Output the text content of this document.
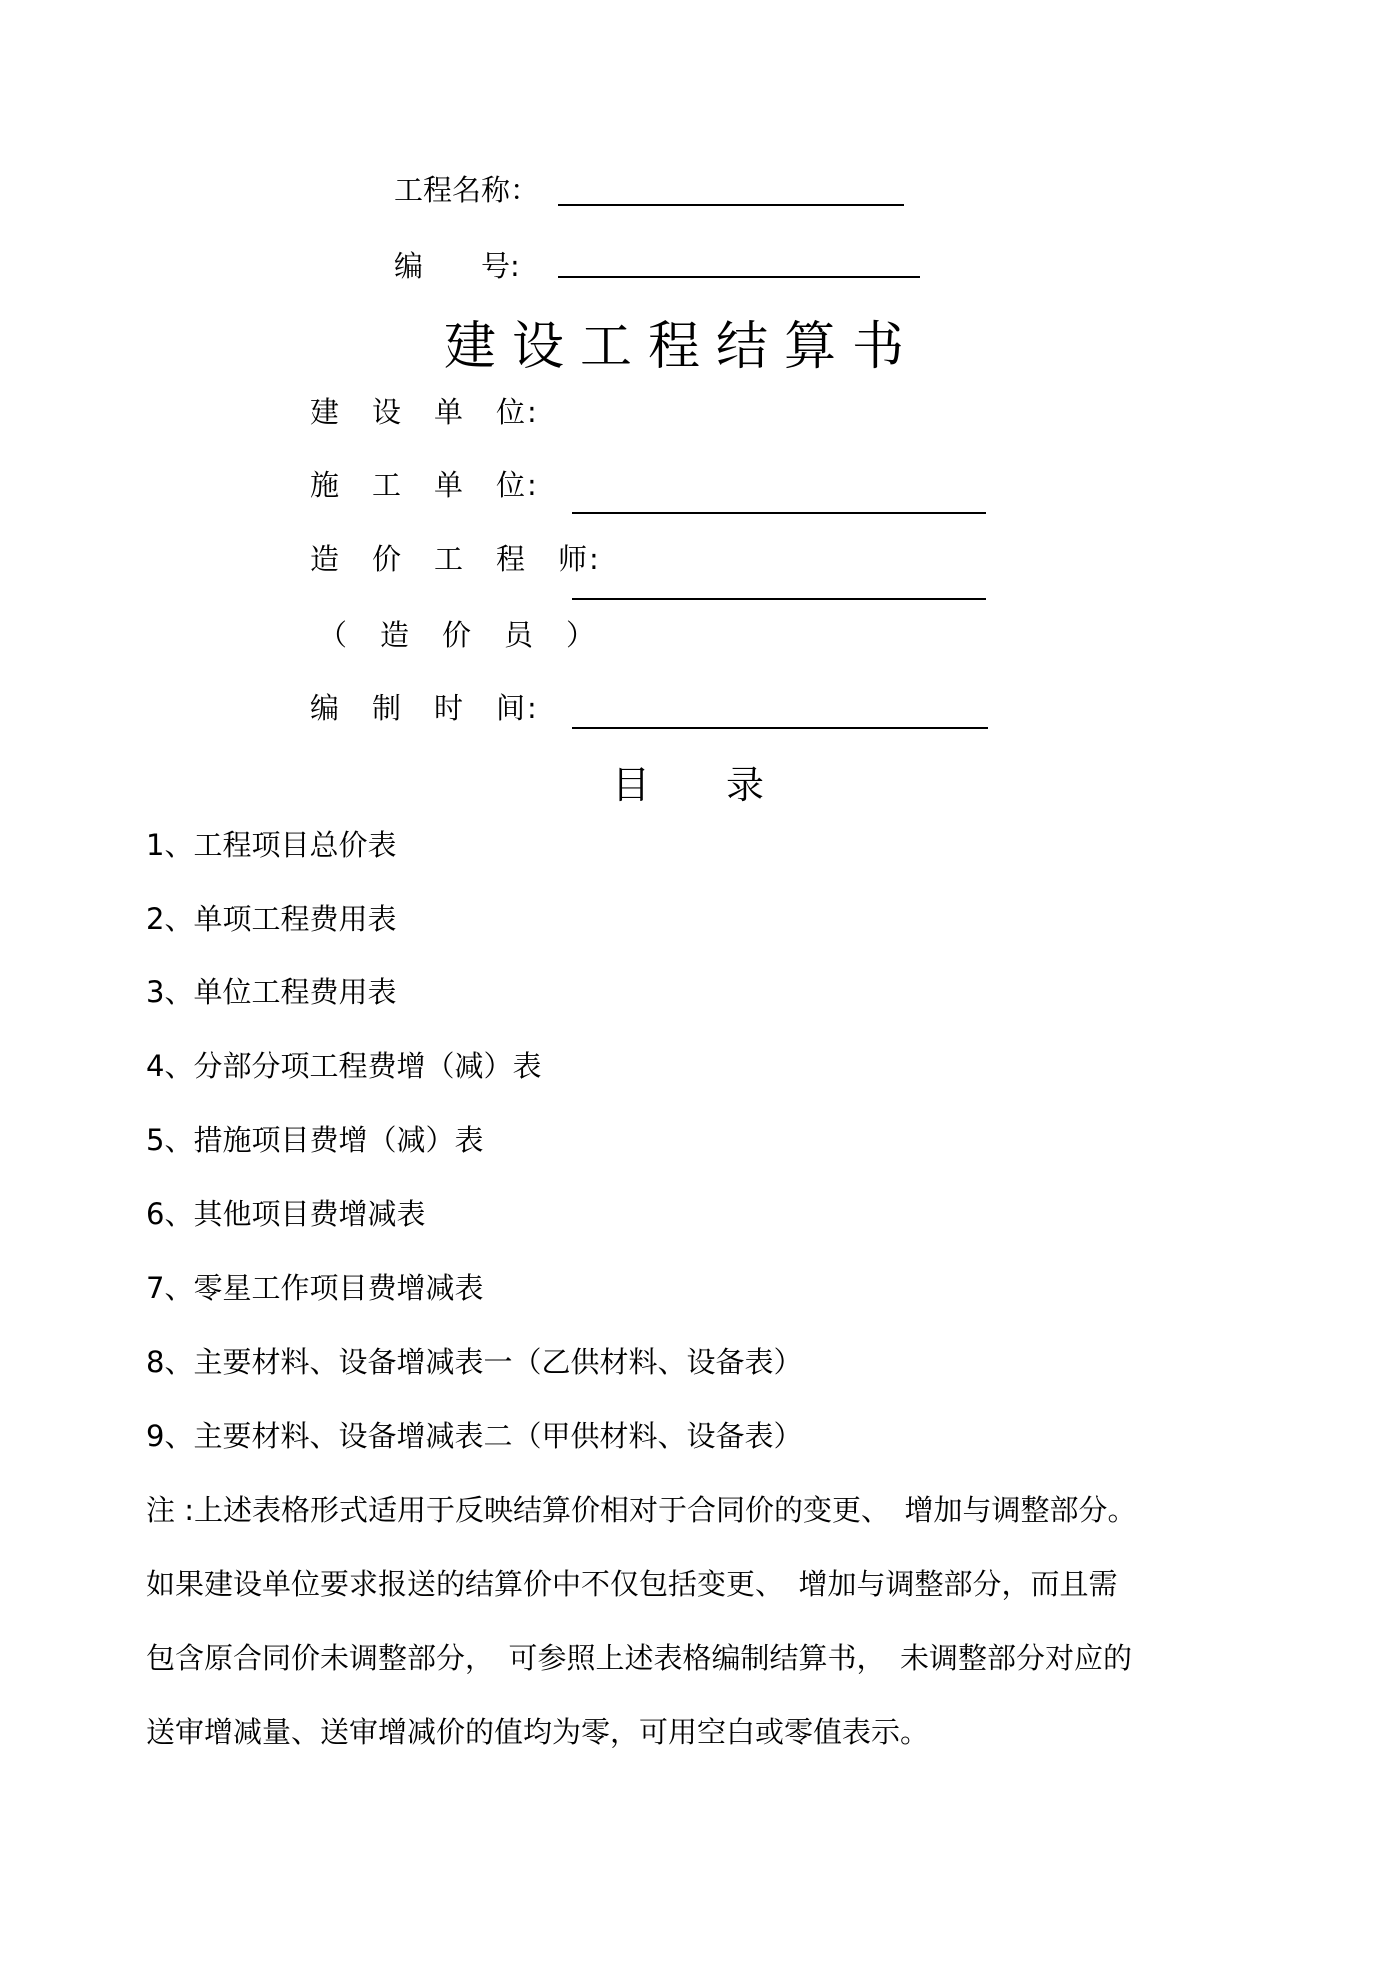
工程名称：
编　　号:
建设工程结算书
建　设　单　位:
施　工　单　位:
造　价　工　程　师:
（　造　价　员　）
编　制　时　间:
目　　录
1、工程项目总价表
2、单项工程费用表
3、单位工程费用表
4、分部分项工程费增（减）表
5、措施项目费增（减）表
6、其他项目费增减表
7、零星工作项目费增减表
8、主要材料、设备增减表一（乙供材料、设备表）
9、主要材料、设备增减表二（甲供材料、设备表）
注 :上述表格形式适用于反映结算价相对于合同价的变更、　增加与调整部分。
如果建设单位要求报送的结算价中不仅包括变更、　增加与调整部分，而且需
包含原合同价未调整部分，　可参照上述表格编制结算书，　未调整部分对应的
送审增减量、送审增减价的值均为零，可用空白或零值表示。
